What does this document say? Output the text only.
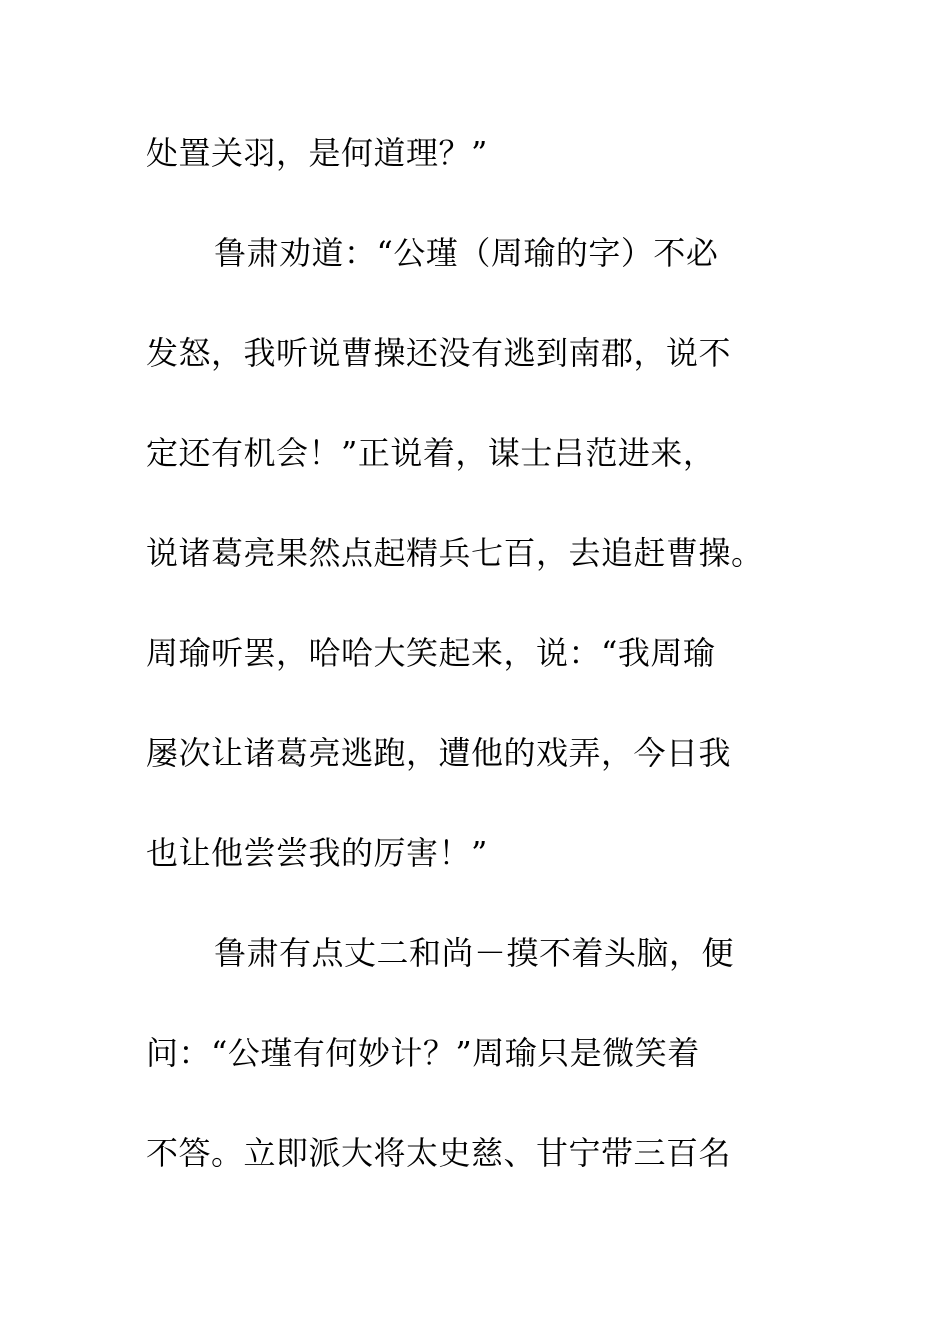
处置关羽，是何道理？”
鲁肃劝道：“公瑾（周瑜的字）不必
发怒，我听说曹操还没有逃到南郡，说不
定还有机会！”正说着，谋士吕范进来，
说诸葛亮果然点起精兵七百，去追赶曹操。
周瑜听罢，哈哈大笑起来，说：“我周瑜
屡次让诸葛亮逃跑，遭他的戏弄，今日我
也让他尝尝我的厉害！”
鲁肃有点丈二和尚－摸不着头脑，便
问：“公瑾有何妙计？”周瑜只是微笑着
不答。立即派大将太史慈、甘宁带三百名
